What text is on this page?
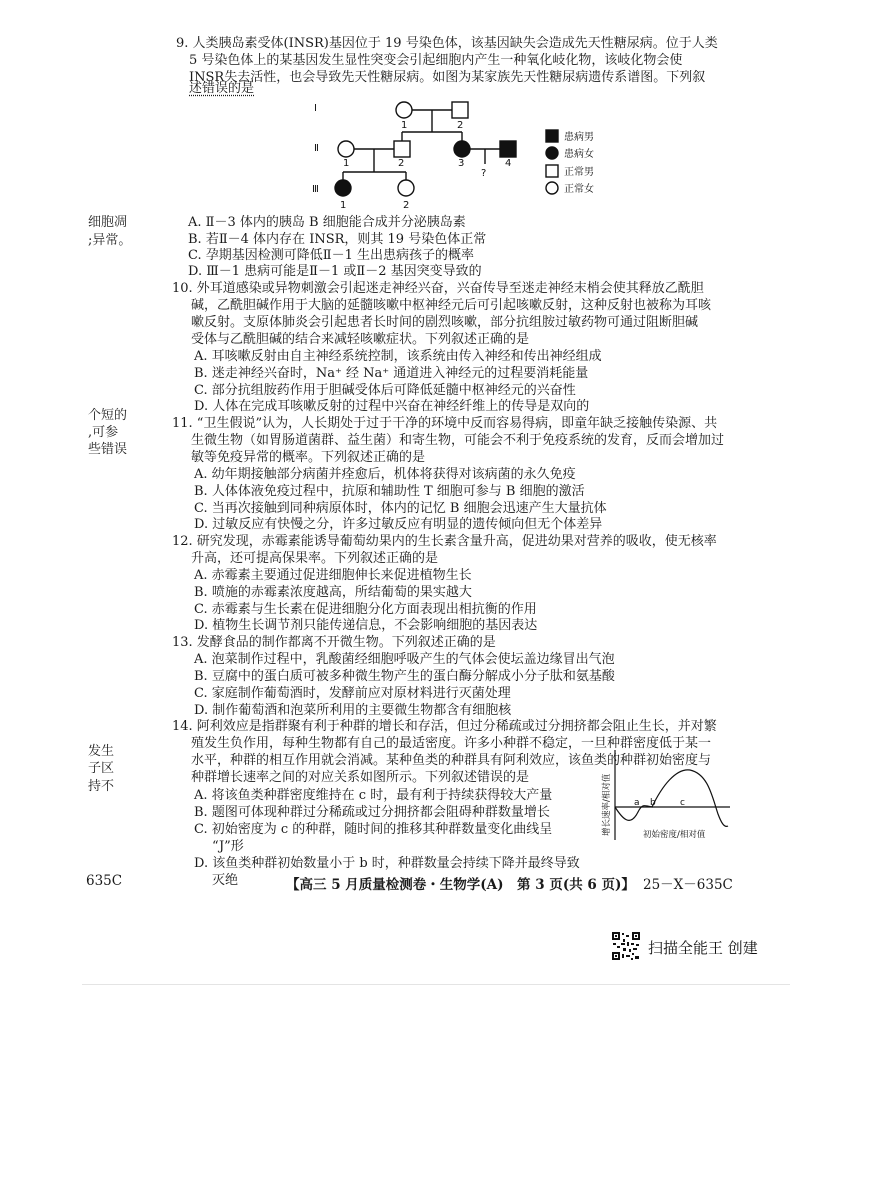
细胞凋
;异常。
个短的
,可参
些错误
发生
子区
持不
9. 人类胰岛素受体(INSR)基因位于 19 号染色体，该基因缺失会造成先天性糖尿病。位于人类
5 号染色体上的某基因发生显性突变会引起细胞内产生一种氧化岐化物，该岐化物会使
INSR失去活性，也会导致先天性糖尿病。如图为某家族先天性糖尿病遗传系谱图。下列叙
述错误的是
Ⅰ
Ⅱ
Ⅲ
1	2
1	2	3	4
?
1	2
患病男
患病女
正常男
正常女
A. Ⅱ－3 体内的胰岛 B 细胞能合成并分泌胰岛素
B. 若Ⅱ－4 体内存在 INSR，则其 19 号染色体正常
C. 孕期基因检测可降低Ⅱ－1 生出患病孩子的概率
D. Ⅲ－1 患病可能是Ⅱ－1 或Ⅱ－2 基因突变导致的
10. 外耳道感染或异物刺激会引起迷走神经兴奋，兴奋传导至迷走神经末梢会使其释放乙酰胆
碱，乙酰胆碱作用于大脑的延髓咳嗽中枢神经元后可引起咳嗽反射，这种反射也被称为耳咳
嗽反射。支原体肺炎会引起患者长时间的剧烈咳嗽，部分抗组胺过敏药物可通过阻断胆碱
受体与乙酰胆碱的结合来减轻咳嗽症状。下列叙述正确的是
A. 耳咳嗽反射由自主神经系统控制，该系统由传入神经和传出神经组成
B. 迷走神经兴奋时，Na⁺ 经 Na⁺ 通道进入神经元的过程要消耗能量
C. 部分抗组胺药作用于胆碱受体后可降低延髓中枢神经元的兴奋性
D. 人体在完成耳咳嗽反射的过程中兴奋在神经纤维上的传导是双向的
11. “卫生假说”认为，人长期处于过于干净的环境中反而容易得病，即童年缺乏接触传染源、共
生微生物（如胃肠道菌群、益生菌）和寄生物，可能会不利于免疫系统的发育，反而会增加过
敏等免疫异常的概率。下列叙述正确的是
A. 幼年期接触部分病菌并痊愈后，机体将获得对该病菌的永久免疫
B. 人体体液免疫过程中，抗原和辅助性 T 细胞可参与 B 细胞的激活
C. 当再次接触到同种病原体时，体内的记忆 B 细胞会迅速产生大量抗体
D. 过敏反应有快慢之分，许多过敏反应有明显的遗传倾向但无个体差异
12. 研究发现，赤霉素能诱导葡萄幼果内的生长素含量升高，促进幼果对营养的吸收，使无核率
升高，还可提高保果率。下列叙述正确的是
A. 赤霉素主要通过促进细胞伸长来促进植物生长
B. 喷施的赤霉素浓度越高，所结葡萄的果实越大
C. 赤霉素与生长素在促进细胞分化方面表现出相抗衡的作用
D. 植物生长调节剂只能传递信息，不会影响细胞的基因表达
13. 发酵食品的制作都离不开微生物。下列叙述正确的是
A. 泡菜制作过程中，乳酸菌经细胞呼吸产生的气体会使坛盖边缘冒出气泡
B. 豆腐中的蛋白质可被多种微生物产生的蛋白酶分解成小分子肽和氨基酸
C. 家庭制作葡萄酒时，发酵前应对原材料进行灭菌处理
D. 制作葡萄酒和泡菜所利用的主要微生物都含有细胞核
14. 阿利效应是指群聚有利于种群的增长和存活，但过分稀疏或过分拥挤都会阻止生长，并对繁
殖发生负作用，每种生物都有自己的最适密度。许多小种群不稳定，一旦种群密度低于某一
水平，种群的相互作用就会消减。某种鱼类的种群具有阿利效应，该鱼类的种群初始密度与
种群增长速率之间的对应关系如图所示。下列叙述错误的是
A. 将该鱼类种群密度维持在 c 时，最有利于持续获得较大产量
B. 题图可体现种群过分稀疏或过分拥挤都会阻碍种群数量增长
C. 初始密度为 c 的种群，随时间的推移其种群数量变化曲线呈
“J”形
D. 该鱼类种群初始数量小于 b 时，种群数量会持续下降并最终导致
灭绝
a b	c
初始密度/相对值
增长速率/相对值
635C	【高三 5 月质量检测卷・生物学(A)　第 3 页(共 6 页)】 25－X－635C
扫描全能王 创建
